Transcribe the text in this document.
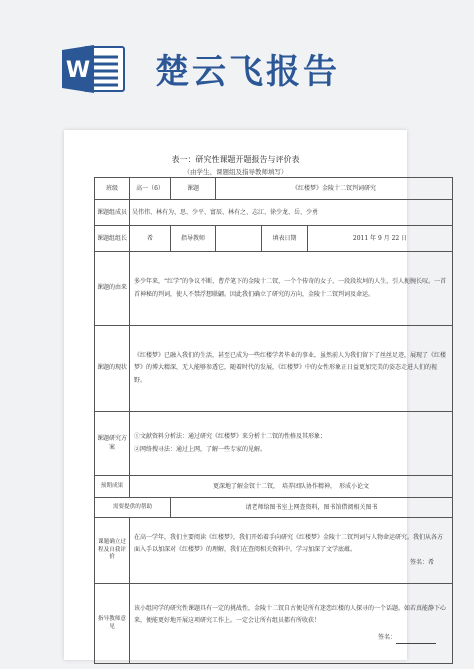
W 楚云飞报告
表一：研究性课题开题报告与评价表
（由学生、课题组及指导教师填写）
班级	高一（6）	课题	《红楼梦》金陵十二钗判词研究		
课题组成员	吴伟伟、林有为、思、少平、富辰、林有之、志江、徐少龙、岳、少勇				
课题组组长	希	指导教师		填表日期	2011 年 9 月 22 日
课题的由来	多少年来，“红学”的争议不断，曹芹笔下的金陵十二钗，一个个传奇的女子，一段段坎坷的人生，引人扼腕长叹。一首首神秘的判词，使人不禁浮想联翩。因此我们确立了研究的方向，金陵十二钗判词及命运。				
课题的现状	《红楼梦》已融入我们的生活，甚至已成为一些红楼学者毕业的事业，虽然前人为我们留下了丝丝足迹，展现了《红楼梦》的博大精深，无人能够参透它，随着时代的发展，《红楼梦》中的女性形象正日益更加完美的姿态走进人们的视野。				
课题研究方案	①文献资料分析法：通过研究《红楼梦》来分析十二钗的性格及其形象；
②网络搜寻法：通过上网，了解一些专家的见解。				

预期成果	更深地了解金钗十二钗，　培养团队协作精神，　形成小论文				
需要提供的帮助		请老师给图书室上网查资料，图书馆借阅相关图书			
课题确立过程及自我评价	在高一学年，我们主要阅读《红楼梦》，我们开始着手向研究《红楼梦》金陵十二钗判词与人物命运研究。我们从各方面入手以加深对《红楼梦》的理解，我们在查阅相关资料中，学习加深了文学底蕴。
签名：希				

指导教师意见	该小组同学的研究性课题具有一定的挑战性，金陵十二钗自古便是所有迷恋红楼的人探寻的一个话题。如若真能静下心来，便能更好地开展这项研究工作上。一定会让所有组员都有所收获！
签名：				
